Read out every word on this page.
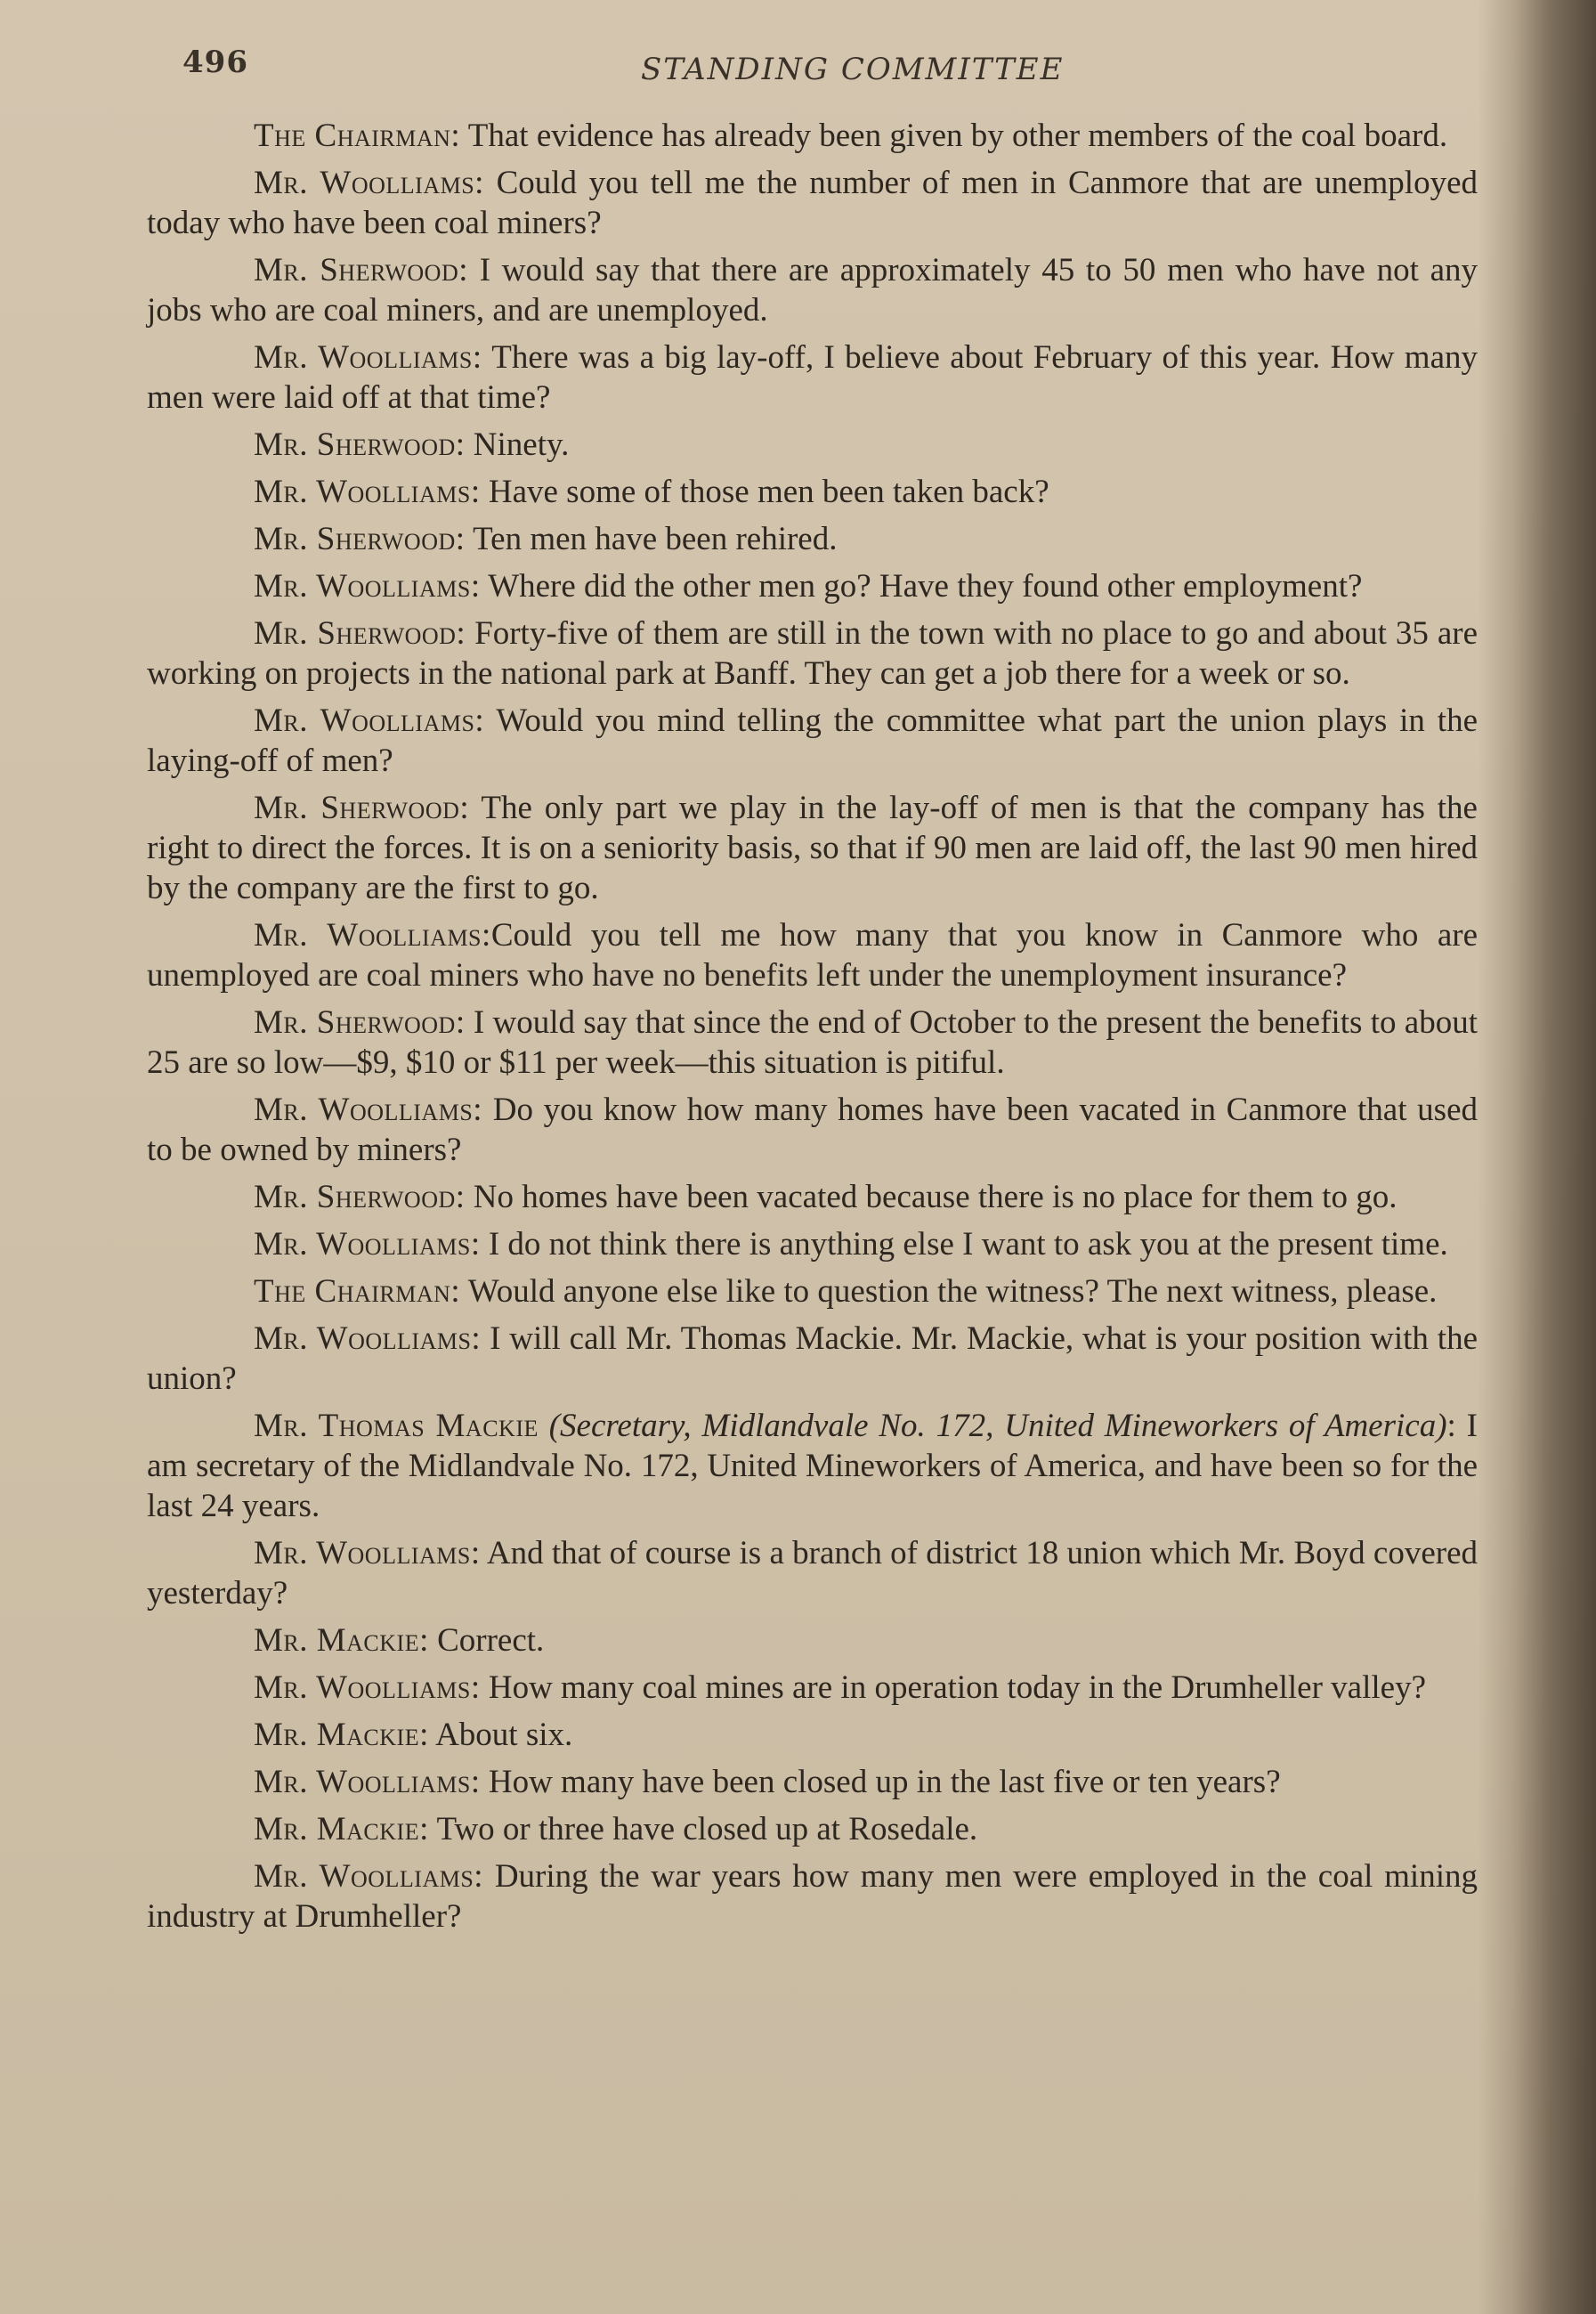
496	STANDING COMMITTEE

The Chairman: That evidence has already been given by other members of the coal board.

Mr. Woolliams: Could you tell me the number of men in Canmore that are unemployed today who have been coal miners?

Mr. Sherwood: I would say that there are approximately 45 to 50 men who have not any jobs who are coal miners, and are unemployed.

Mr. Woolliams: There was a big lay-off, I believe about February of this year. How many men were laid off at that time?

Mr. Sherwood: Ninety.

Mr. Woolliams: Have some of those men been taken back?

Mr. Sherwood: Ten men have been rehired.

Mr. Woolliams: Where did the other men go? Have they found other employment?

Mr. Sherwood: Forty-five of them are still in the town with no place to go and about 35 are working on projects in the national park at Banff. They can get a job there for a week or so.

Mr. Woolliams: Would you mind telling the committee what part the union plays in the laying-off of men?

Mr. Sherwood: The only part we play in the lay-off of men is that the company has the right to direct the forces. It is on a seniority basis, so that if 90 men are laid off, the last 90 men hired by the company are the first to go.

Mr. Woolliams:Could you tell me how many that you know in Canmore who are unemployed are coal miners who have no benefits left under the unemployment insurance?

Mr. Sherwood: I would say that since the end of October to the present the benefits to about 25 are so low—$9, $10 or $11 per week—this situation is pitiful.

Mr. Woolliams: Do you know how many homes have been vacated in Canmore that used to be owned by miners?

Mr. Sherwood: No homes have been vacated because there is no place for them to go.

Mr. Woolliams: I do not think there is anything else I want to ask you at the present time.

The Chairman: Would anyone else like to question the witness? The next witness, please.

Mr. Woolliams: I will call Mr. Thomas Mackie. Mr. Mackie, what is your position with the union?

Mr. Thomas Mackie (Secretary, Midlandvale No. 172, United Mineworkers of America): I am secretary of the Midlandvale No. 172, United Mineworkers of America, and have been so for the last 24 years.

Mr. Woolliams: And that of course is a branch of district 18 union which Mr. Boyd covered yesterday?

Mr. Mackie: Correct.

Mr. Woolliams: How many coal mines are in operation today in the Drumheller valley?

Mr. Mackie: About six.

Mr. Woolliams: How many have been closed up in the last five or ten years?

Mr. Mackie: Two or three have closed up at Rosedale.

Mr. Woolliams: During the war years how many men were employed in the coal mining industry at Drumheller?
